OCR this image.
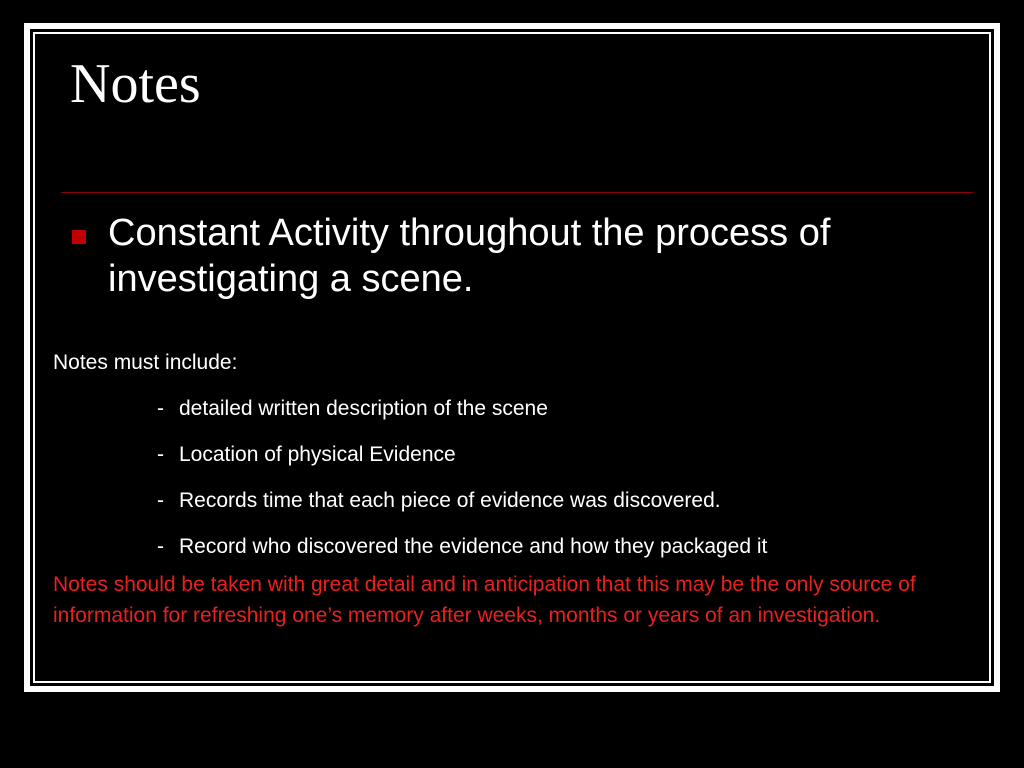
Notes
Constant Activity throughout the process of investigating a scene.
Notes must include:
- detailed written description of the scene
- Location of physical Evidence
- Records time that each piece of evidence was discovered.
- Record who discovered the evidence and how they packaged it
Notes should be taken with great detail and in anticipation that this may be the only source of information for refreshing one’s memory after weeks, months or years of an investigation.
